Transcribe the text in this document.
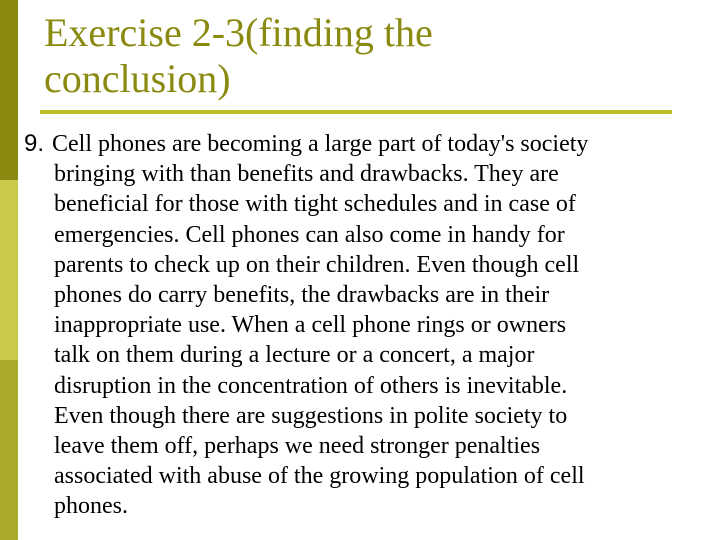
Exercise 2-3(finding the
conclusion)
9. Cell phones are becoming a large part of today's society
bringing with than benefits and drawbacks. They are
beneficial for those with tight schedules and in case of
emergencies. Cell phones can also come in handy for
parents to check up on their children. Even though cell
phones do carry benefits, the drawbacks are in their
inappropriate use. When a cell phone rings or owners
talk on them during a lecture or a concert, a major
disruption in the concentration of others is inevitable.
Even though there are suggestions in polite society to
leave them off, perhaps we need stronger penalties
associated with abuse of the growing population of cell
phones.
